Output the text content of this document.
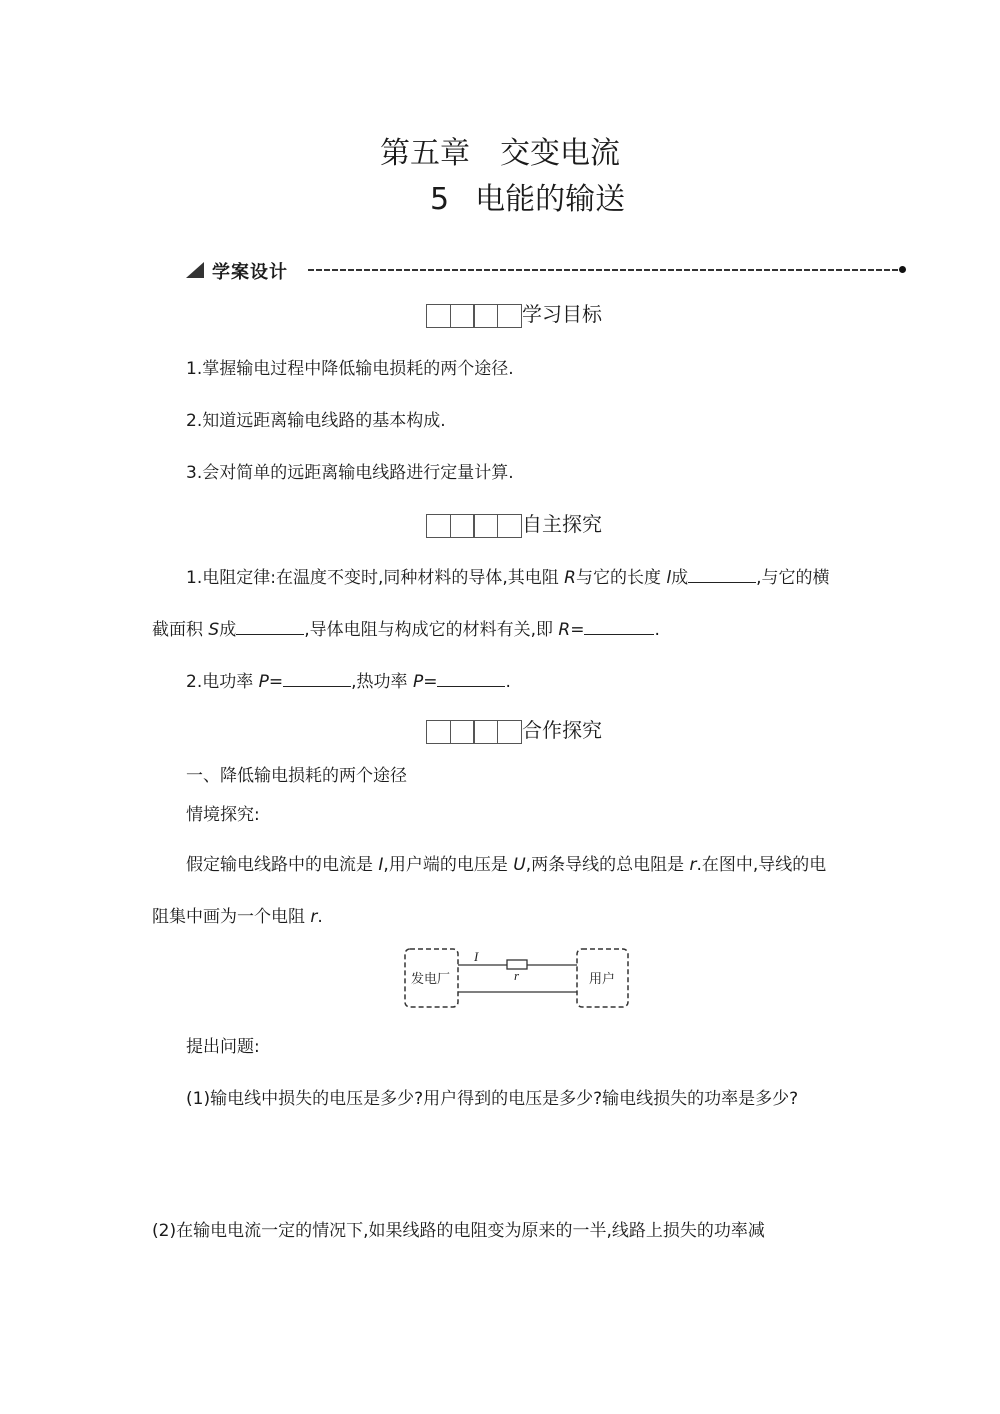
第五章　交变电流
5 电能的输送
学案设计
学习目标
1.掌握输电过程中降低输电损耗的两个途径.
2.知道远距离输电线路的基本构成.
3.会对简单的远距离输电线路进行定量计算.
自主探究
1.电阻定律:在温度不变时,同种材料的导体,其电阻 R与它的长度 l成	,与它的横
截面积 S成	,导体电阻与构成它的材料有关,即 R=	.
2.电功率 P=	,热功率 P=	.
合作探究
一、降低输电损耗的两个途径
情境探究:
假定输电线路中的电流是 I,用户端的电压是 U,两条导线的总电阻是 r.在图中,导线的电
阻集中画为一个电阻 r.
I
r
发电厂	用户
提出问题:
(1)输电线中损失的电压是多少?用户得到的电压是多少?输电线损失的功率是多少?
(2)在输电电流一定的情况下,如果线路的电阻变为原来的一半,线路上损失的功率减
